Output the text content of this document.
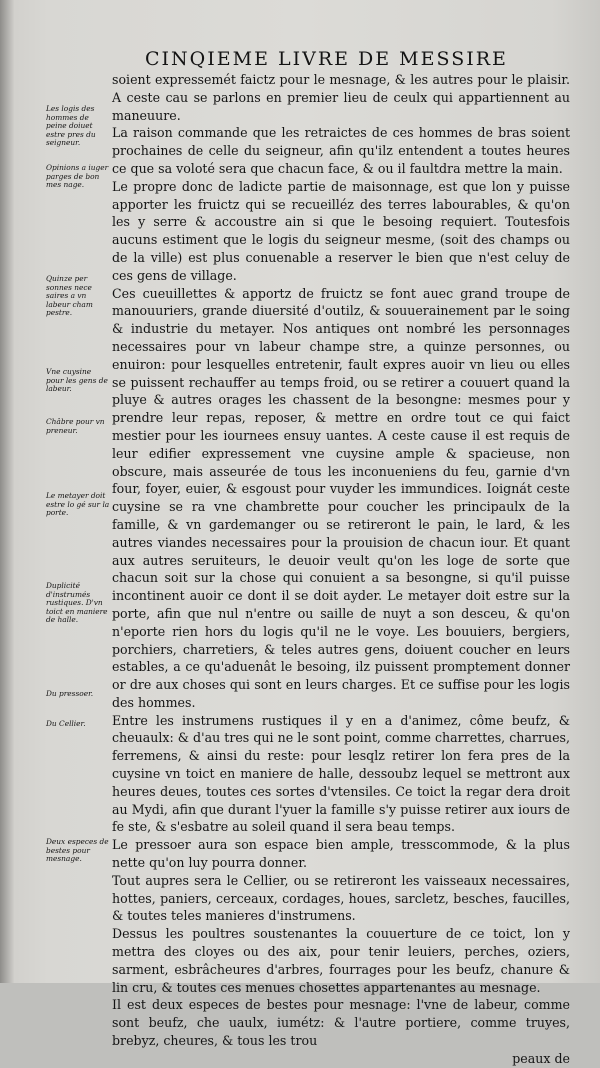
CINQIEME LIVRE DE MESSIRE
Les logis des hommes de peine doiuet estre pres du seigneur.
Opinions a iuger parges de bon mes nage.
Quinze per sonnes nece saires a vn labeur cham pestre.
Vne cuysine pour les gens de labeur.
Châbre pour vn preneur.
Le metayer doit estre lo gé sur la porte.
Duplicité d'instrumés rustiques. D'vn toict en maniere de halle.
Du pressoer.
Du Cellier.
Deux especes de bestes pour mesnage.

soient expressemét faictz pour le mesnage, & les autres pour le plaisir. A ceste cau se parlons en premier lieu de ceulx qui appartiennent au maneuure.

La raison commande que les retraictes de ces hommes de bras soient prochaines de celle du seigneur, afin qu'ilz entendent a toutes heures ce que sa voloté sera que chacun face, & ou il faultdra mettre la main.

Le propre donc de ladicte partie de maisonnage, est que lon y puisse apporter les fruictz qui se recueilléz des terres labourables, & qu'on les y serre & accoustre ain si que le besoing requiert. Toutesfois aucuns estiment que le logis du seigneur mesme, (soit des champs ou de la ville) est plus conuenable a reserver le bien que n'est celuy de ces gens de village.

Ces cueuillettes & apportz de fruictz se font auec grand troupe de manouuriers, grande diuersité d'outilz, & souuerainement par le soing & industrie du metayer. Nos antiques ont nombré les personnages necessaires pour vn labeur champe stre, a quinze personnes, ou enuiron: pour lesquelles entretenir, fault expres auoir vn lieu ou elles se puissent rechauffer au temps froid, ou se retirer a couuert quand la pluye & autres orages les chassent de la besongne: mesmes pour y prendre leur repas, reposer, & mettre en ordre tout ce qui faict mestier pour les iournees ensuy uantes. A ceste cause il est requis de leur edifier expressement vne cuysine ample & spacieuse, non obscure, mais asseurée de tous les inconueniens du feu, garnie d'vn four, foyer, euier, & esgoust pour vuyder les immundices. Ioignát ceste cuysine se ra vne chambrette pour coucher les principaulx de la famille, & vn gardemanger ou se retireront le pain, le lard, & les autres viandes necessaires pour la prouision de chacun iour. Et quant aux autres seruiteurs, le deuoir veult qu'on les loge de sorte que chacun soit sur la chose qui conuient a sa besongne, si qu'il puisse incontinent auoir ce dont il se doit ayder. Le metayer doit estre sur la porte, afin que nul n'entre ou saille de nuyt a son desceu, & qu'on n'eporte rien hors du logis qu'il ne le voye. Les bouuiers, bergiers, porchiers, charretiers, & teles autres gens, doiuent coucher en leurs estables, a ce qu'aduenât le besoing, ilz puissent promptement donner or dre aux choses qui sont en leurs charges. Et ce suffise pour les logis des hommes.

Entre les instrumens rustiques il y en a d'animez, côme beufz, & cheuaulx: & d'au tres qui ne le sont point, comme charrettes, charrues, ferremens, & ainsi du reste: pour lesqlz retirer lon fera pres de la cuysine vn toict en maniere de halle, dessoubz lequel se mettront aux heures deues, toutes ces sortes d'vtensiles. Ce toict la regar dera droit au Mydi, afin que durant l'yuer la famille s'y puisse retirer aux iours de fe ste, & s'esbatre au soleil quand il sera beau temps.

Le pressoer aura son espace bien ample, tresscommode, & la plus nette qu'on luy pourra donner.

Tout aupres sera le Cellier, ou se retireront les vaisseaux necessaires, hottes, paniers, cerceaux, cordages, houes, sarcletz, besches, faucilles, & toutes teles manieres d'instrumens.

Dessus les poultres soustenantes la couuerture de ce toict, lon y mettra des cloyes ou des aix, pour tenir leuiers, perches, oziers, sarment, esbrâcheures d'arbres, fourrages pour les beufz, chanure & lin cru, & toutes ces menues chosettes appartenantes au mesnage.

Il est deux especes de bestes pour mesnage: l'vne de labeur, comme sont beufz, che uaulx, iumétz: & l'autre portiere, comme truyes, brebyz, cheures, & tous les trou

peaux de
